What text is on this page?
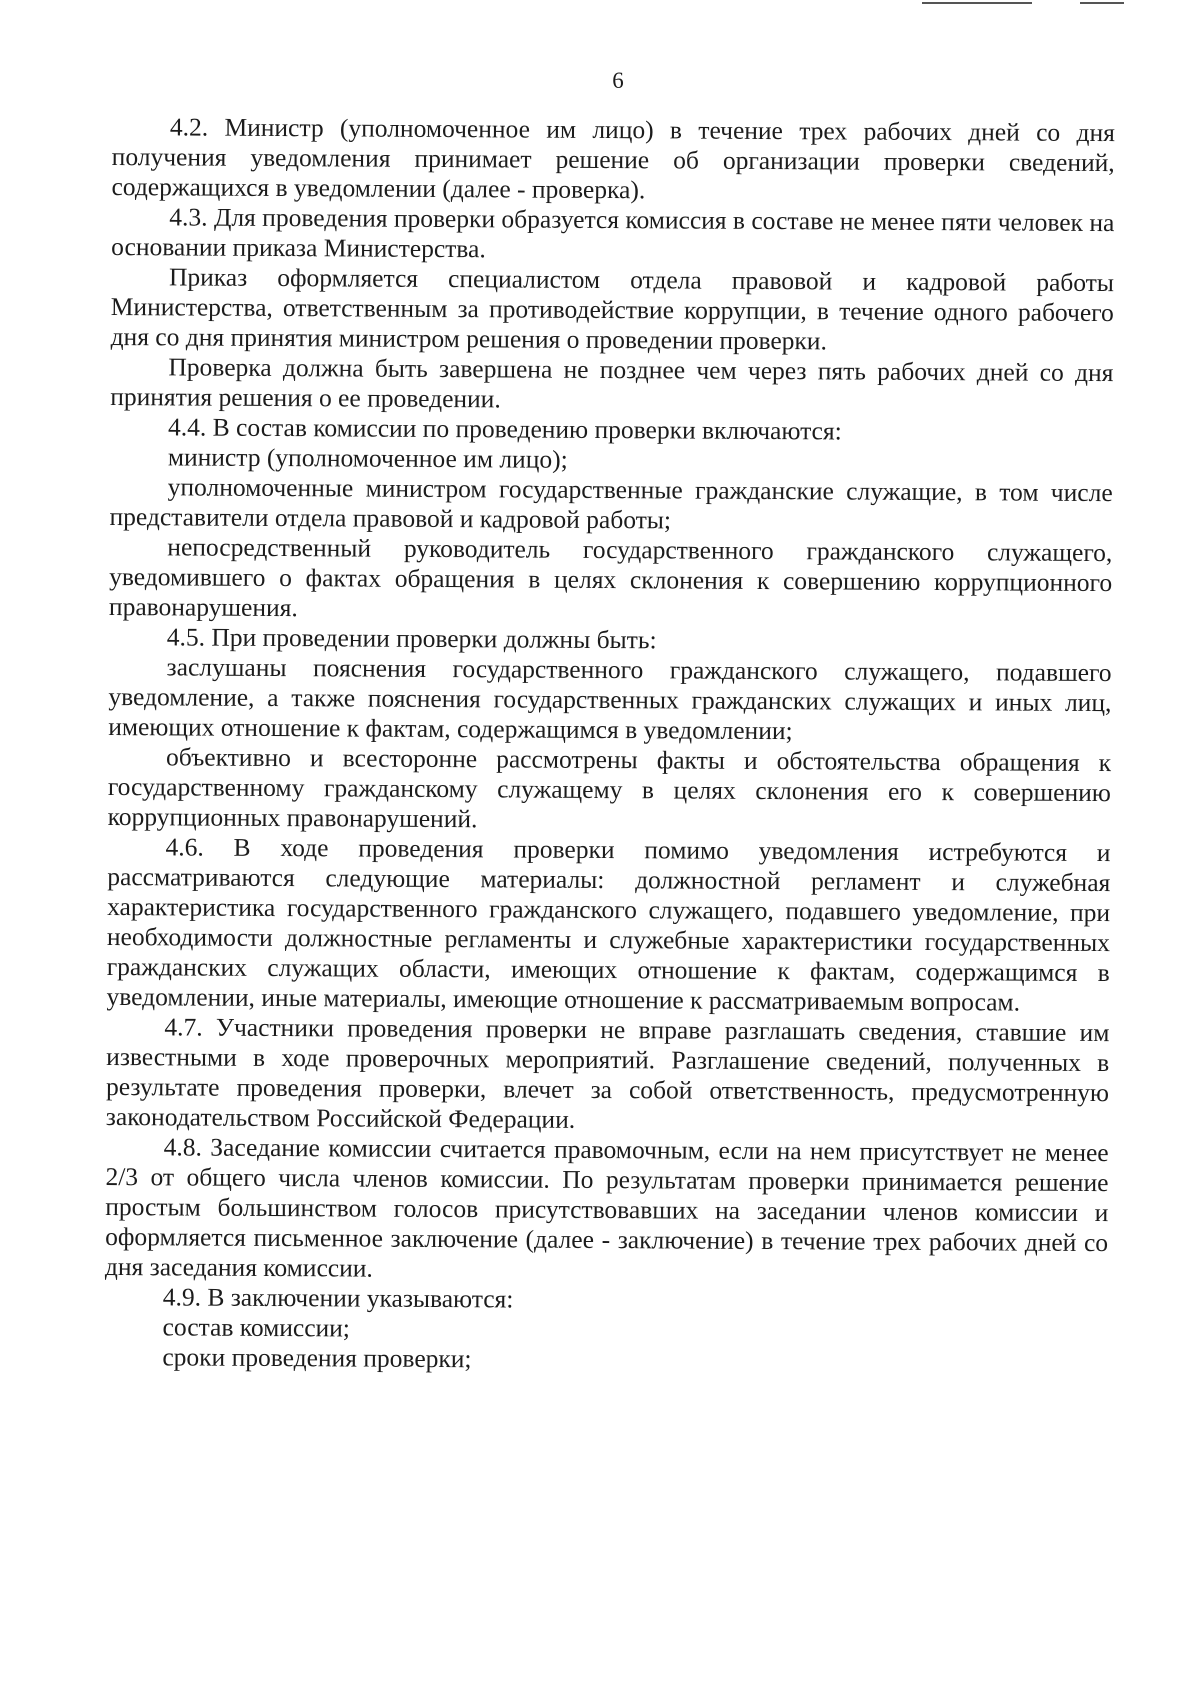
6

4.2. Министр (уполномоченное им лицо) в течение трех рабочих дней со дня получения уведомления принимает решение об организации проверки сведений, содержащихся в уведомлении (далее - проверка).

4.3. Для проведения проверки образуется комиссия в составе не менее пяти человек на основании приказа Министерства.

Приказ оформляется специалистом отдела правовой и кадровой работы Министерства, ответственным за противодействие коррупции, в течение одного рабочего дня со дня принятия министром решения о проведении проверки.

Проверка должна быть завершена не позднее чем через пять рабочих дней со дня принятия решения о ее проведении.

4.4. В состав комиссии по проведению проверки включаются:

министр (уполномоченное им лицо);

уполномоченные министром государственные гражданские служащие, в том числе представители отдела правовой и кадровой работы;

непосредственный руководитель государственного гражданского служащего, уведомившего о фактах обращения в целях склонения к совершению коррупционного правонарушения.

4.5. При проведении проверки должны быть:

заслушаны пояснения государственного гражданского служащего, подавшего уведомление, а также пояснения государственных гражданских служащих и иных лиц, имеющих отношение к фактам, содержащимся в уведомлении;

объективно и всесторонне рассмотрены факты и обстоятельства обращения к государственному гражданскому служащему в целях склонения его к совершению коррупционных правонарушений.

4.6. В ходе проведения проверки помимо уведомления истребуются и рассматриваются следующие материалы: должностной регламент и служебная характеристика государственного гражданского служащего, подавшего уведомление, при необходимости должностные регламенты и служебные характеристики государственных гражданских служащих области, имеющих отношение к фактам, содержащимся в уведомлении, иные материалы, имеющие отношение к рассматриваемым вопросам.

4.7. Участники проведения проверки не вправе разглашать сведения, ставшие им известными в ходе проверочных мероприятий. Разглашение сведений, полученных в результате проведения проверки, влечет за собой ответственность, предусмотренную законодательством Российской Федерации.

4.8. Заседание комиссии считается правомочным, если на нем присутствует не менее 2/3 от общего числа членов комиссии. По результатам проверки принимается решение простым большинством голосов присутствовавших на заседании членов комиссии и оформляется письменное заключение (далее - заключение) в течение трех рабочих дней со дня заседания комиссии.

4.9. В заключении указываются:

состав комиссии;

сроки проведения проверки;
